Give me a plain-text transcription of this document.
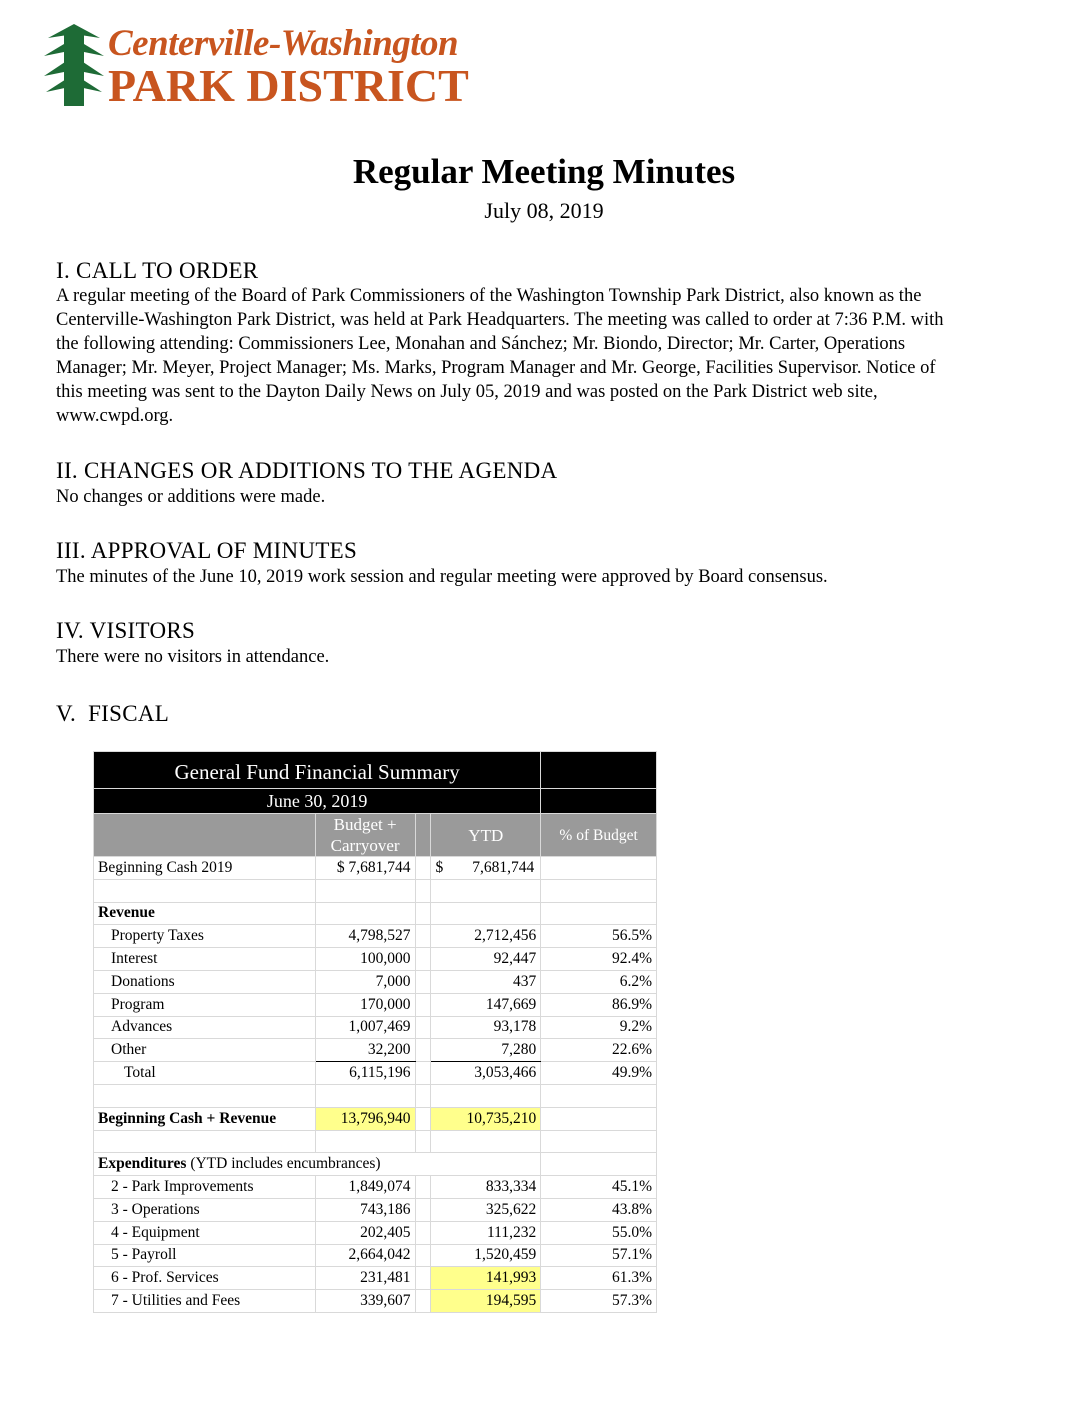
Centerville-Washington
PARK DISTRICT
Regular Meeting Minutes
July 08, 2019
I. CALL TO ORDER
A regular meeting of the Board of Park Commissioners of the Washington Township Park District, also known as the
Centerville-Washington Park District, was held at Park Headquarters. The meeting was called to order at 7:36 P.M. with
the following attending: Commissioners Lee, Monahan and Sánchez; Mr. Biondo, Director; Mr. Carter, Operations
Manager; Mr. Meyer, Project Manager; Ms. Marks, Program Manager and Mr. George, Facilities Supervisor. Notice of
this meeting was sent to the Dayton Daily News on July 05, 2019 and was posted on the Park District web site,
www.cwpd.org.
II. CHANGES OR ADDITIONS TO THE AGENDA
No changes or additions were made.
III. APPROVAL OF MINUTES
The minutes of the June 10, 2019 work session and regular meeting were approved by Board consensus.
IV. VISITORS
There were no visitors in attendance.
V.  FISCAL
General Fund Financial Summary				
June 30, 2019				

	Budget +
Carryover		YTD	% of Budget
Beginning Cash 2019	$ 7,681,744		$ 7,681,744	

Revenue				
Property Taxes	4,798,527		2,712,456	56.5%
Interest	100,000		92,447	92.4%
Donations	7,000		437	6.2%
Program	170,000		147,669	86.9%
Advances	1,007,469		93,178	9.2%
Other	32,200		7,280	22.6%
Total	6,115,196		3,053,466	49.9%

Beginning Cash + Revenue	13,796,940		10,735,210	

Expenditures (YTD includes encumbrances)				
2 - Park Improvements	1,849,074		833,334	45.1%
3 - Operations	743,186		325,622	43.8%
4 - Equipment	202,405		111,232	55.0%
5 - Payroll	2,664,042		1,520,459	57.1%
6 - Prof. Services	231,481		141,993	61.3%
7 - Utilities and Fees	339,607		194,595	57.3%
